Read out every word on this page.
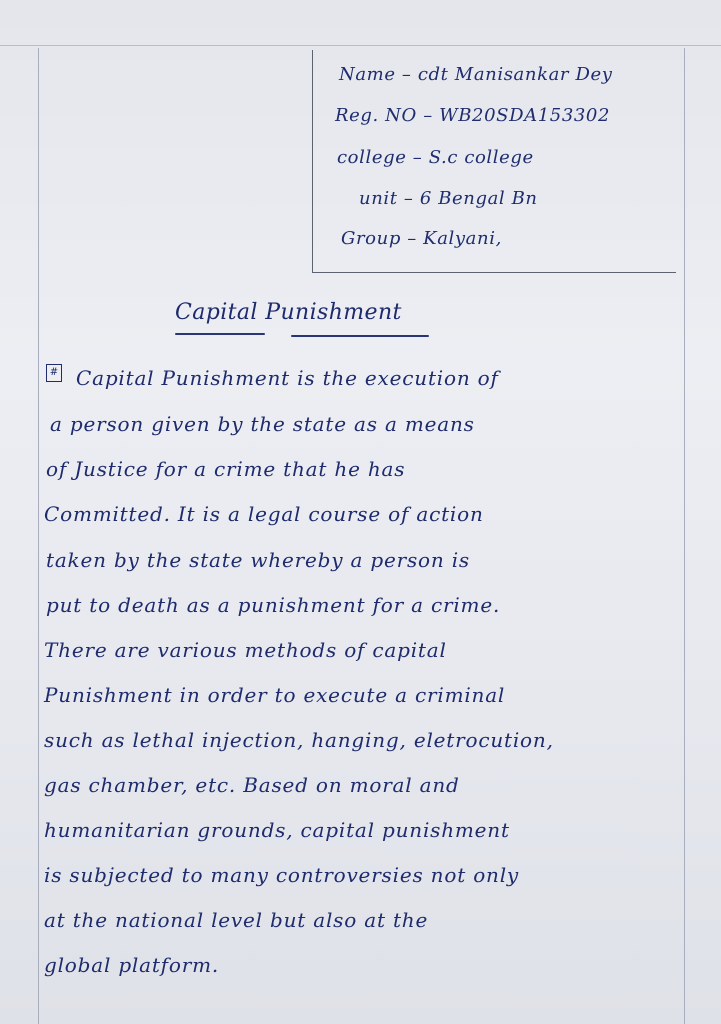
Name – cdt Manisankar Dey
Reg. NO – WB20SDA153302
college – S.c college
unit – 6 Bengal Bn
Group – Kalyani,
Capital Punishment
# Capital Punishment is the execution of
a person given by the state as a means
of Justice for a crime that he has
Committed. It is a legal course of action
taken by the state whereby a person is
put to death as a punishment for a crime.
There are various methods of capital
Punishment in order to execute a criminal
such as lethal injection, hanging, eletrocution,
gas chamber, etc. Based on moral and
humanitarian grounds, capital punishment
is subjected to many controversies not only
at the national level but also at the
global platform.
